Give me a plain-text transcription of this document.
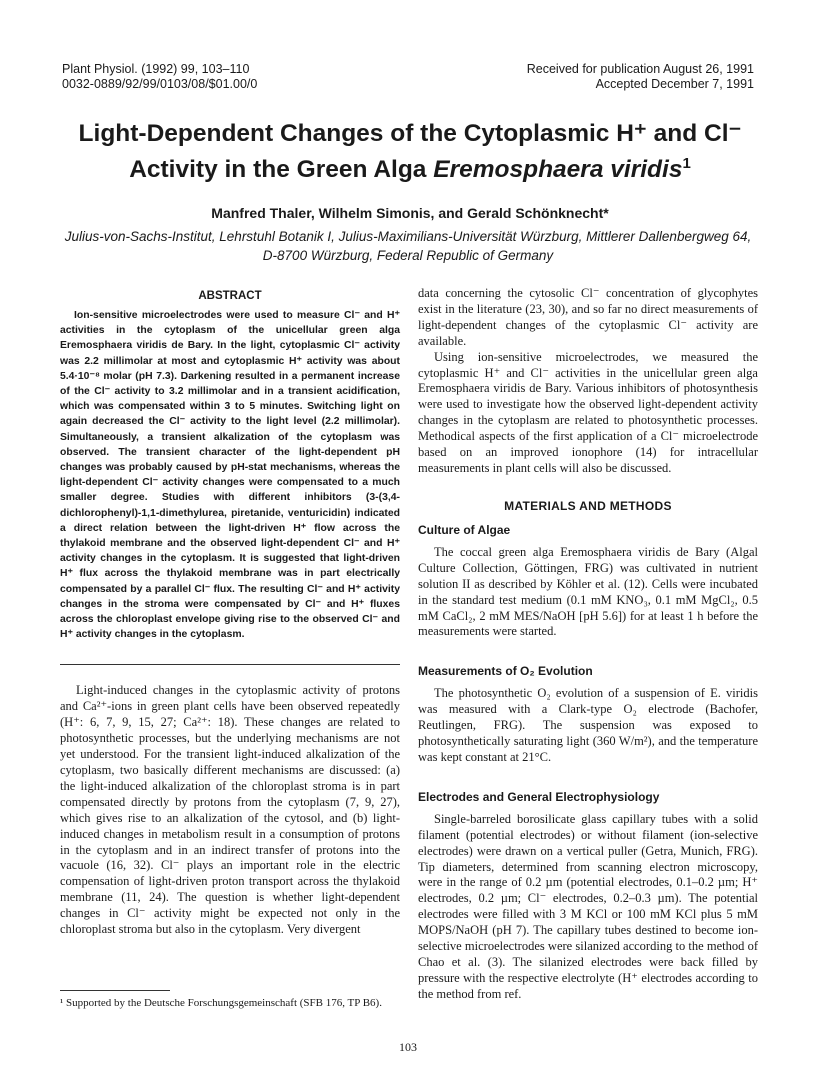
Plant Physiol. (1992) 99, 103–110
0032-0889/92/99/0103/08/$01.00/0
Received for publication August 26, 1991
Accepted December 7, 1991
Light-Dependent Changes of the Cytoplasmic H⁺ and Cl⁻
Activity in the Green Alga Eremosphaera viridis$^1$
Manfred Thaler, Wilhelm Simonis, and Gerald Schönknecht*
Julius-von-Sachs-Institut, Lehrstuhl Botanik I, Julius-Maximilians-Universität Würzburg, Mittlerer Dallenbergweg 64,
D-8700 Würzburg, Federal Republic of Germany
ABSTRACT

Ion-sensitive microelectrodes were used to measure Cl⁻ and H⁺ activities in the cytoplasm of the unicellular green alga Eremosphaera viridis de Bary. In the light, cytoplasmic Cl⁻ activity was 2.2 millimolar at most and cytoplasmic H⁺ activity was about 5.4·10⁻⁸ molar (pH 7.3). Darkening resulted in a permanent increase of the Cl⁻ activity to 3.2 millimolar and in a transient acidification, which was compensated within 3 to 5 minutes. Switching light on again decreased the Cl⁻ activity to the light level (2.2 millimolar). Simultaneously, a transient alkalization of the cytoplasm was observed. The transient character of the light-dependent pH changes was probably caused by pH-stat mechanisms, whereas the light-dependent Cl⁻ activity changes were compensated to a much smaller degree. Studies with different inhibitors (3-(3,4-dichlorophenyl)-1,1-dimethylurea, piretanide, venturicidin) indicated a direct relation between the light-driven H⁺ flow across the thylakoid membrane and the observed light-dependent Cl⁻ and H⁺ activity changes in the cytoplasm. It is suggested that light-driven H⁺ flux across the thylakoid membrane was in part electrically compensated by a parallel Cl⁻ flux. The resulting Cl⁻ and H⁺ activity changes in the stroma were compensated by Cl⁻ and H⁺ fluxes across the chloroplast envelope giving rise to the observed Cl⁻ and H⁺ activity changes in the cytoplasm.

Light-induced changes in the cytoplasmic activity of protons and Ca²⁺-ions in green plant cells have been observed repeatedly (H⁺: 6, 7, 9, 15, 27; Ca²⁺: 18). These changes are related to photosynthetic processes, but the underlying mechanisms are not yet understood. For the transient light-induced alkalization of the cytoplasm, two basically different mechanisms are discussed: (a) the light-induced alkalization of the chloroplast stroma is in part compensated directly by protons from the cytoplasm (7, 9, 27), which gives rise to an alkalization of the cytosol, and (b) light-induced changes in metabolism result in a consumption of protons in the cytoplasm and in an indirect transfer of protons into the vacuole (16, 32). Cl⁻ plays an important role in the electric compensation of light-driven proton transport across the thylakoid membrane (11, 24). The question is whether light-dependent changes in Cl⁻ activity might be expected not only in the chloroplast stroma but also in the cytoplasm. Very divergent

¹ Supported by the Deutsche Forschungsgemeinschaft (SFB 176, TP B6).

data concerning the cytosolic Cl⁻ concentration of glycophytes exist in the literature (23, 30), and so far no direct measurements of light-dependent changes of the cytoplasmic Cl⁻ activity are available.

Using ion-sensitive microelectrodes, we measured the cytoplasmic H⁺ and Cl⁻ activities in the unicellular green alga Eremosphaera viridis de Bary. Various inhibitors of photosynthesis were used to investigate how the observed light-dependent activity changes in the cytoplasm are related to photosynthetic processes. Methodical aspects of the first application of a Cl⁻ microelectrode based on an improved ionophore (14) for intracellular measurements in plant cells will also be discussed.

MATERIALS AND METHODS
Culture of Algae

The coccal green alga Eremosphaera viridis de Bary (Algal Culture Collection, Göttingen, FRG) was cultivated in nutrient solution II as described by Köhler et al. (12). Cells were incubated in the standard test medium (0.1 mM KNO₃, 0.1 mM MgCl₂, 0.5 mM CaCl₂, 2 mM MES/NaOH [pH 5.6]) for at least 1 h before the measurements were started.

Measurements of O₂ Evolution

The photosynthetic O₂ evolution of a suspension of E. viridis was measured with a Clark-type O₂ electrode (Bachofer, Reutlingen, FRG). The suspension was exposed to photosynthetically saturating light (360 W/m²), and the temperature was kept constant at 21°C.

Electrodes and General Electrophysiology

Single-barreled borosilicate glass capillary tubes with a solid filament (potential electrodes) or without filament (ion-selective electrodes) were drawn on a vertical puller (Getra, Munich, FRG). Tip diameters, determined from scanning electron microscopy, were in the range of 0.2 µm (potential electrodes, 0.1–0.2 µm; H⁺ electrodes, 0.2 µm; Cl⁻ electrodes, 0.2–0.3 µm). The potential electrodes were filled with 3 M KCl or 100 mM KCl plus 5 mM MOPS/NaOH (pH 7). The capillary tubes destined to become ion-selective microelectrodes were silanized according to the method of Chao et al. (3). The silanized electrodes were back filled by pressure with the respective electrolyte (H⁺ electrodes according to the method from ref.

103
